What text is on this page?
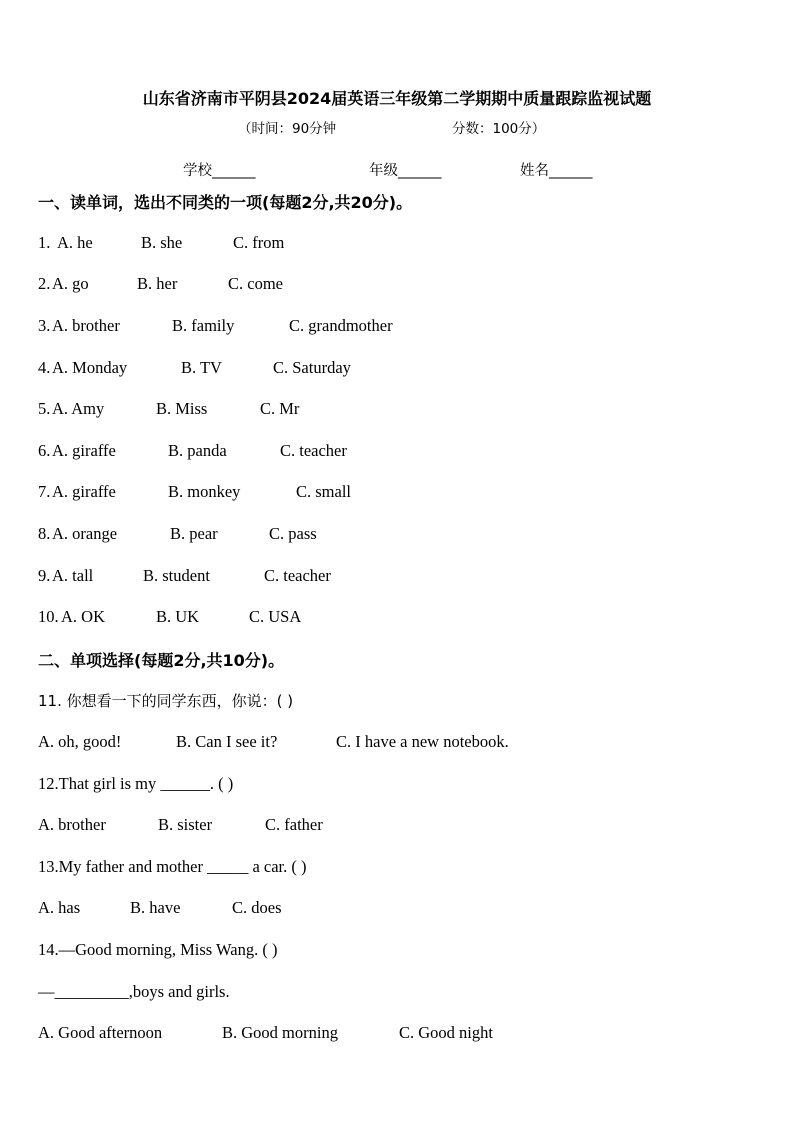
山东省济南市平阴县2024届英语三年级第二学期期中质量跟踪监视试题
（时间：90分钟	分数：100分）
学校______	年级______	姓名______
一、读单词，选出不同类的一项(每题2分,共20分)。
1. A. he	B. she	C. from
2. A. go	B. her	C. come
3. A. brother	B. family	C. grandmother
4. A. Monday	B. TV	C. Saturday
5. A. Amy	B. Miss	C. Mr
6. A. giraffe	B. panda	C. teacher
7. A. giraffe	B. monkey	C. small
8. A. orange	B. pear	C. pass
9. A. tall	B. student	C. teacher
10. A. OK	B. UK	C. USA
二、单项选择(每题2分,共10分)。
11. 你想看一下的同学东西，你说：( )
A. oh, good!	B. Can I see it?	C. I have a new notebook.
12.That girl is my ______. ( )
A. brother	B. sister	C. father
13.My father and mother _____ a car. ( )
A. has	B. have	C. does
14.—Good morning, Miss Wang. ( )
—_________,boys and girls.
A. Good afternoon	B. Good morning	C. Good night
